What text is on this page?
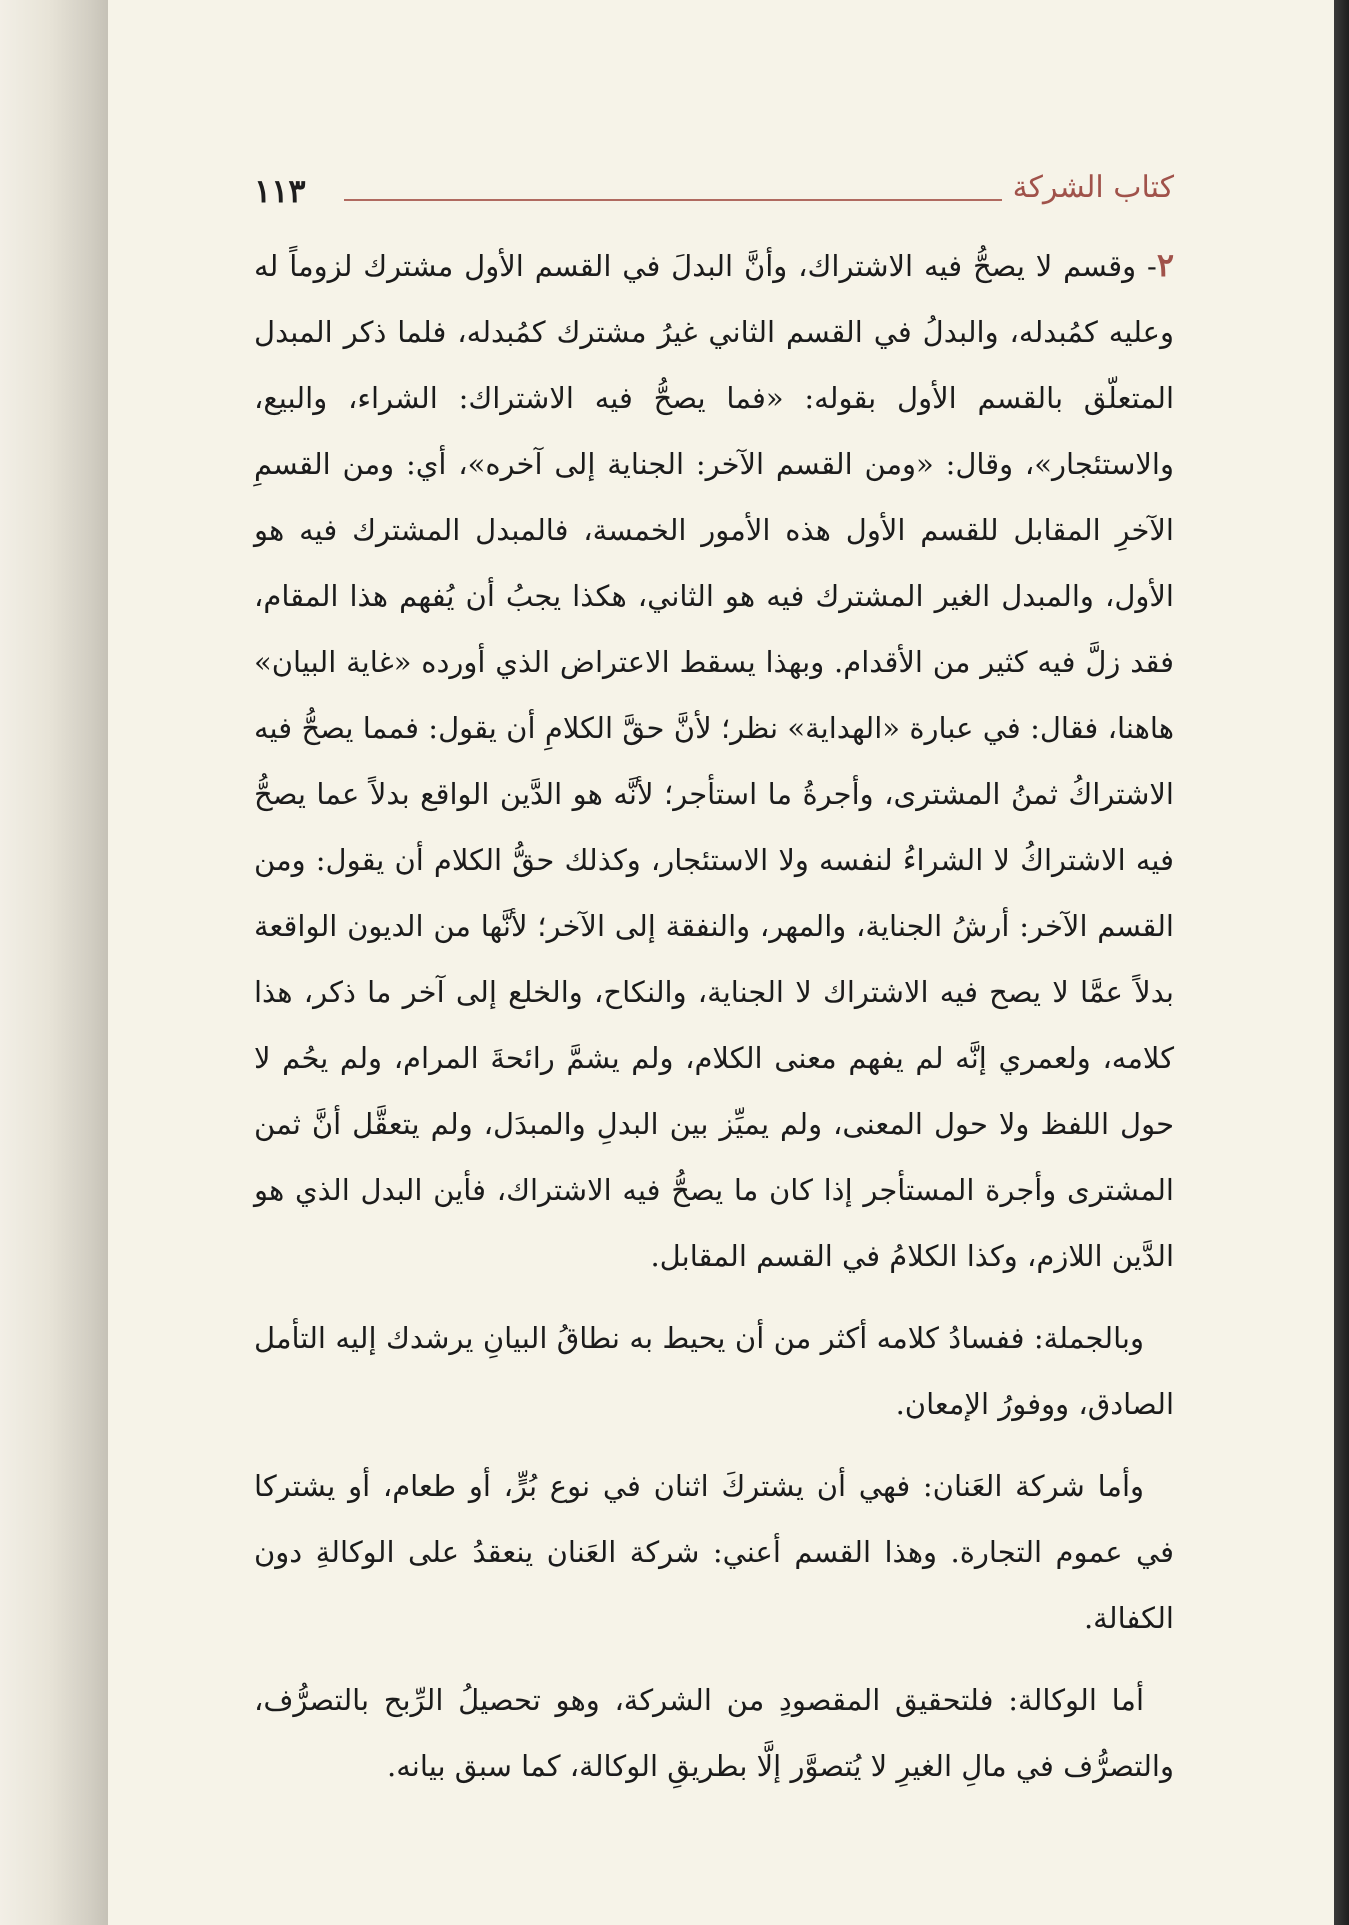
كتاب الشركة
١١٣

٢- وقسم لا يصحُّ فيه الاشتراك، وأنَّ البدلَ في القسم الأول مشترك لزوماً له وعليه كمُبدله، والبدلُ في القسم الثاني غيرُ مشترك كمُبدله، فلما ذكر المبدل المتعلّق بالقسم الأول بقوله: «فما يصحُّ فيه الاشتراك: الشراء، والبيع، والاستئجار»، وقال: «ومن القسم الآخر: الجناية إلى آخره»، أي: ومن القسمِ الآخرِ المقابل للقسم الأول هذه الأمور الخمسة، فالمبدل المشترك فيه هو الأول، والمبدل الغير المشترك فيه هو الثاني، هكذا يجبُ أن يُفهم هذا المقام، فقد زلَّ فيه كثير من الأقدام. وبهذا يسقط الاعتراض الذي أورده «غاية البيان» هاهنا، فقال: في عبارة «الهداية» نظر؛ لأنَّ حقَّ الكلامِ أن يقول: فمما يصحُّ فيه الاشتراكُ ثمنُ المشترى، وأجرةُ ما استأجر؛ لأنَّه هو الدَّين الواقع بدلاً عما يصحُّ فيه الاشتراكُ لا الشراءُ لنفسه ولا الاستئجار، وكذلك حقُّ الكلام أن يقول: ومن القسم الآخر: أرشُ الجناية، والمهر، والنفقة إلى الآخر؛ لأنَّها من الديون الواقعة بدلاً عمَّا لا يصح فيه الاشتراك لا الجناية، والنكاح، والخلع إلى آخر ما ذكر، هذا كلامه، ولعمري إنَّه لم يفهم معنى الكلام، ولم يشمَّ رائحةَ المرام، ولم يحُم لا حول اللفظ ولا حول المعنى، ولم يميِّز بين البدلِ والمبدَل، ولم يتعقَّل أنَّ ثمن المشترى وأجرة المستأجر إذا كان ما يصحُّ فيه الاشتراك، فأين البدل الذي هو الدَّين اللازم، وكذا الكلامُ في القسم المقابل.

وبالجملة: ففسادُ كلامه أكثر من أن يحيط به نطاقُ البيانِ يرشدك إليه التأمل الصادق، ووفورُ الإمعان.

وأما شركة العَنان: فهي أن يشتركَ اثنان في نوع بُرٍّ، أو طعام، أو يشتركا في عموم التجارة. وهذا القسم أعني: شركة العَنان ينعقدُ على الوكالةِ دون الكفالة.

أما الوكالة: فلتحقيق المقصودِ من الشركة، وهو تحصيلُ الرِّبح بالتصرُّف، والتصرُّف في مالِ الغيرِ لا يُتصوَّر إلَّا بطريقِ الوكالة، كما سبق بيانه.
